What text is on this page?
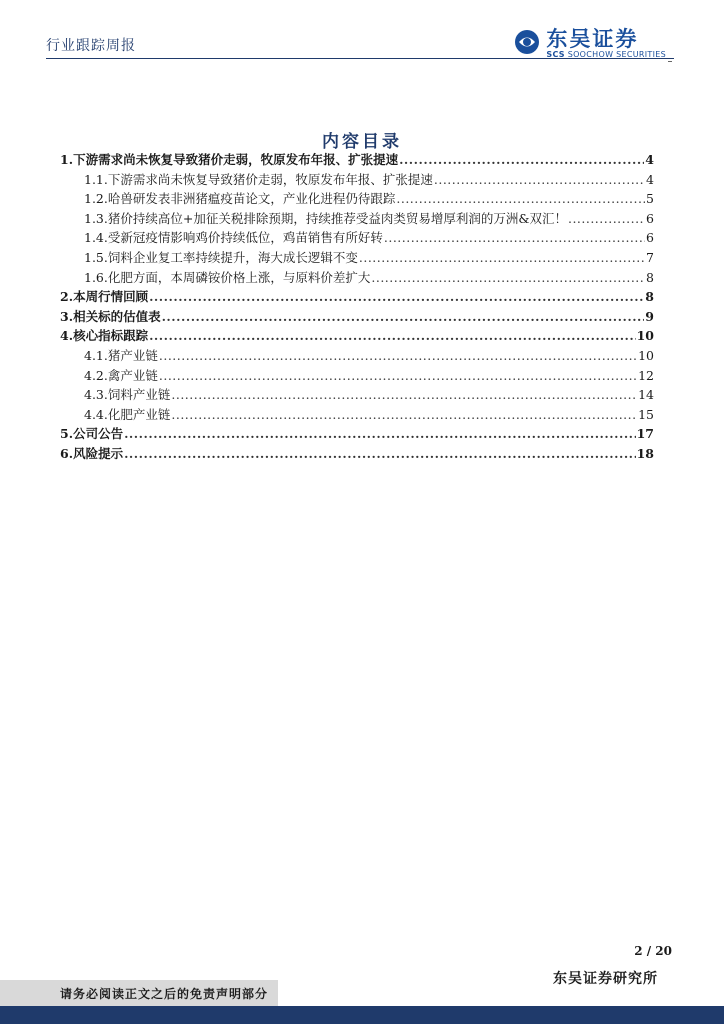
行业跟踪周报	东吴证券
SCS SOOCHOW SECURITIES
内容目录
1. 下游需求尚未恢复导致猪价走弱，牧原发布年报、扩张提速 .....	4
1.1. 下游需求尚未恢复导致猪价走弱，牧原发布年报、扩张提速 .....	4
1.2. 哈兽研发表非洲猪瘟疫苗论文，产业化进程仍待跟踪 .....	5
1.3. 猪价持续高位+加征关税排除预期，持续推荐受益肉类贸易增厚利润的万洲&双汇！ .....	6
1.4. 受新冠疫情影响鸡价持续低位，鸡苗销售有所好转 .....	6
1.5. 饲料企业复工率持续提升，海大成长逻辑不变 .....	7
1.6. 化肥方面，本周磷铵价格上涨，与原料价差扩大 .....	8
2. 本周行情回顾 .....	8
3. 相关标的估值表 .....	9
4. 核心指标跟踪 .....	10
4.1. 猪产业链 .....	10
4.2. 禽产业链 .....	12
4.3. 饲料产业链 .....	14
4.4. 化肥产业链 .....	15
5. 公司公告 .....	17
6. 风险提示 .....	18
2 / 20
东吴证券研究所
请务必阅读正文之后的免责声明部分
